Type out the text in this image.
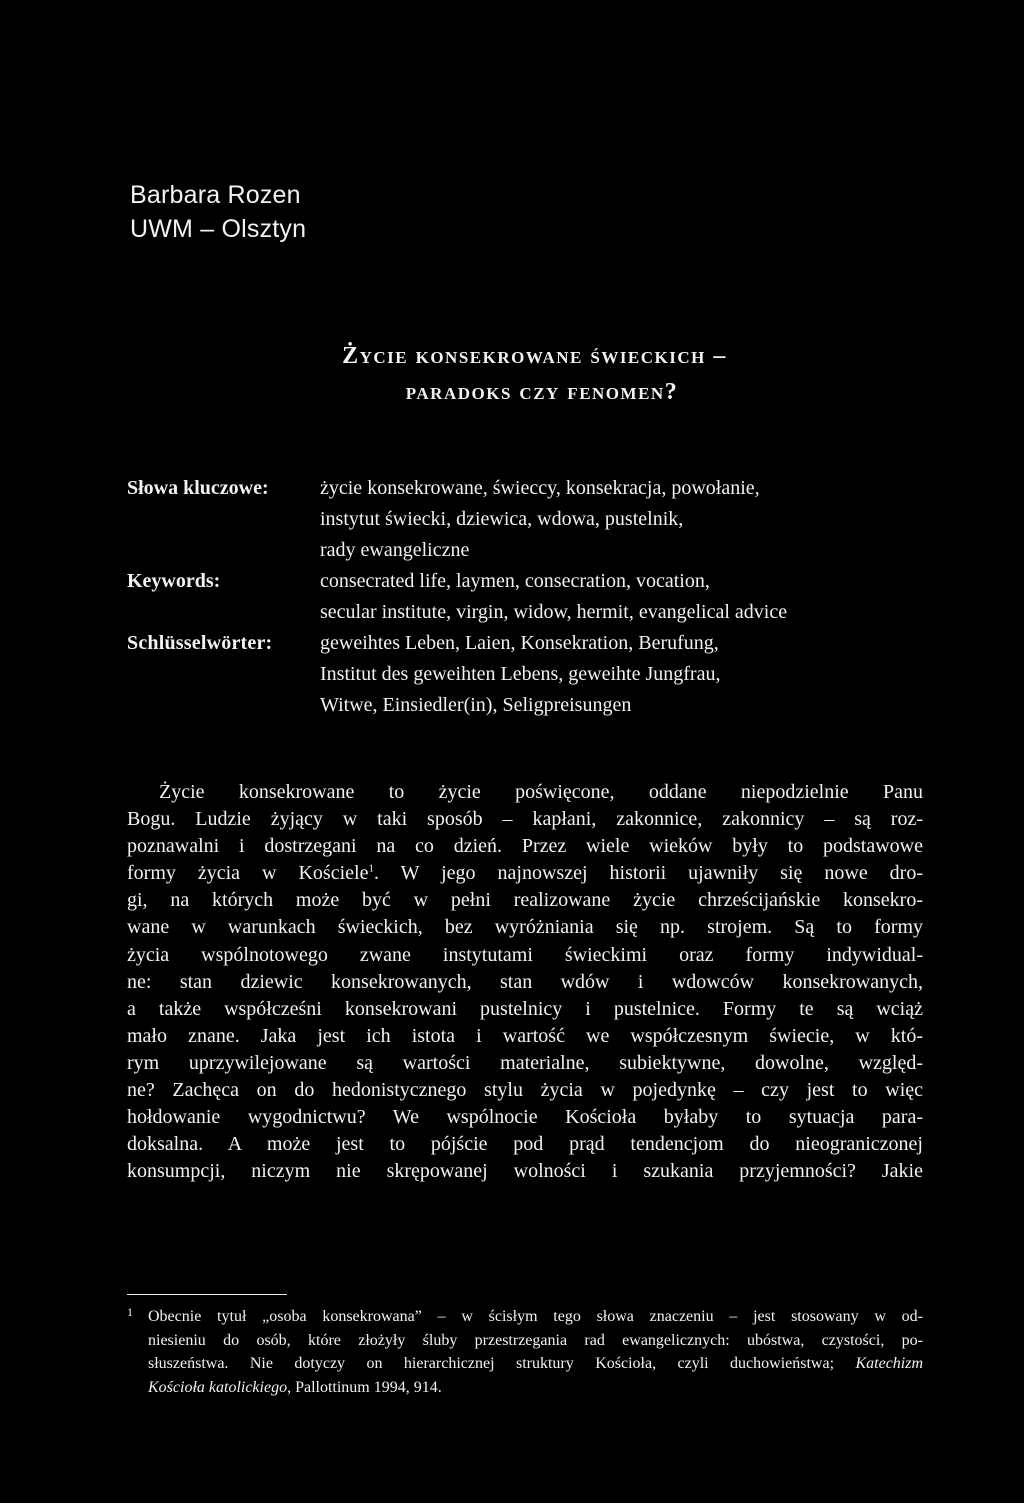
Barbara Rozen
UWM – Olsztyn
Życie konsekrowane świeckich –
paradoks czy fenomen?
Słowa kluczowe:	życie konsekrowane, świeccy, konsekracja, powołanie,
instytut świecki, dziewica, wdowa, pustelnik,
rady ewangeliczne
Keywords:	consecrated life, laymen, consecration, vocation,
secular institute, virgin, widow, hermit, evangelical advice
Schlüsselwörter:	geweihtes Leben, Laien, Konsekration, Berufung,
Institut des geweihten Lebens, geweihte Jungfrau,
Witwe, Einsiedler(in), Seligpreisungen
Życie konsekrowane to życie poświęcone, oddane niepodzielnie Panu
Bogu. Ludzie żyjący w taki sposób – kapłani, zakonnice, zakonnicy – są roz-
poznawalni i dostrzegani na co dzień. Przez wiele wieków były to podstawowe
formy życia w Kościele$^1$. W jego najnowszej historii ujawniły się nowe dro-
gi, na których może być w pełni realizowane życie chrześcijańskie konsekro-
wane w warunkach świeckich, bez wyróżniania się np. strojem. Są to formy
życia wspólnotowego zwane instytutami świeckimi oraz formy indywidual-
ne: stan dziewic konsekrowanych, stan wdów i wdowców konsekrowanych,
a także współcześni konsekrowani pustelnicy i pustelnice. Formy te są wciąż
mało znane. Jaka jest ich istota i wartość we współczesnym świecie, w któ-
rym uprzywilejowane są wartości materialne, subiektywne, dowolne, względ-
ne? Zachęca on do hedonistycznego stylu życia w pojedynkę – czy jest to więc
hołdowanie wygodnictwu? We wspólnocie Kościoła byłaby to sytuacja para-
doksalna. A może jest to pójście pod prąd tendencjom do nieograniczonej
konsumpcji, niczym nie skrępowanej wolności i szukania przyjemności? Jakie
1 Obecnie tytuł „osoba konsekrowana” – w ścisłym tego słowa znaczeniu – jest stosowany w od-
niesieniu do osób, które złożyły śluby przestrzegania rad ewangelicznych: ubóstwa, czystości, po-
słuszeństwa. Nie dotyczy on hierarchicznej struktury Kościoła, czyli duchowieństwa; Katechizm
Kościoła katolickiego, Pallottinum 1994, 914.
